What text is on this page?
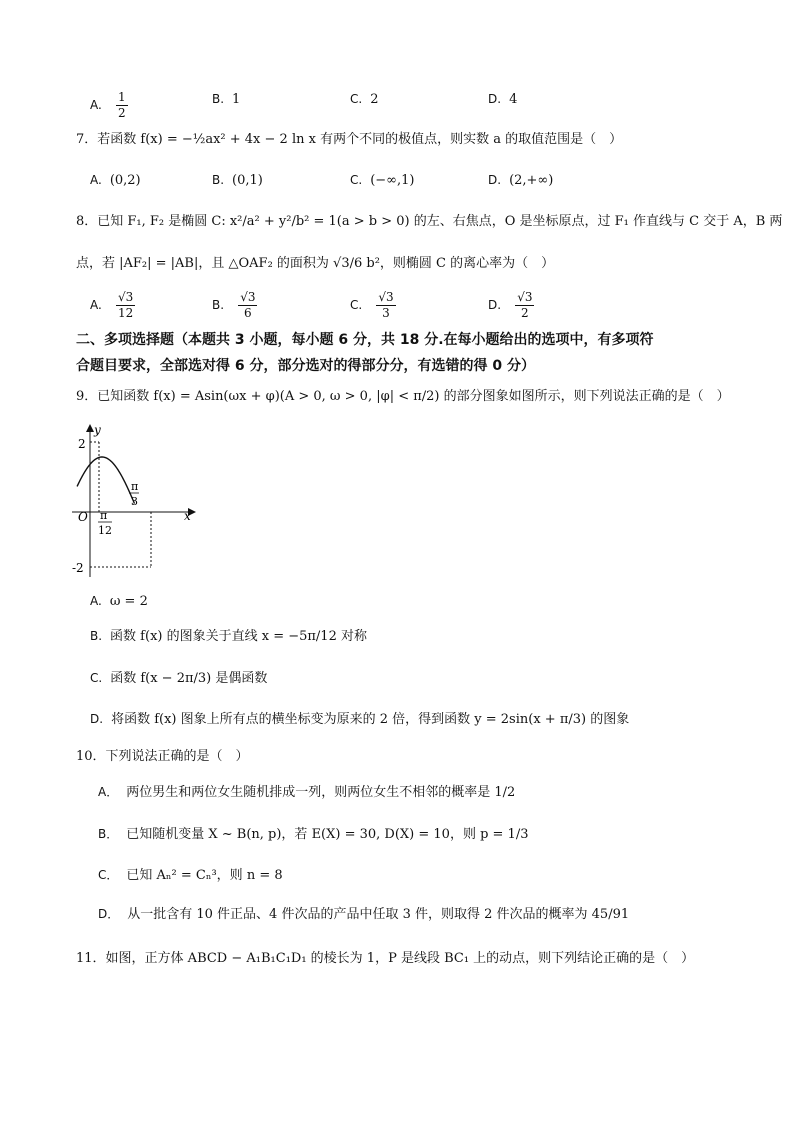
A. $\frac{1}{2}$	B. 1	C. 2	D. 4
7．若函数 f(x) = −½ax² + 4x − 2 ln x 有两个不同的极值点，则实数 a 的取值范围是（　）
A. (0,2)	B. (0,1)	C. (−∞,1)	D. (2,+∞)
8．已知 F₁, F₂ 是椭圆 C: x²/a² + y²/b² = 1(a > b > 0) 的左、右焦点，O 是坐标原点，过 F₁ 作直线与 C 交于 A，B 两
点，若 |AF₂| = |AB|，且 △OAF₂ 的面积为 √3/6 b²，则椭圆 C 的离心率为（　）
A. $\frac{√3}{12}$	B. $\frac{√3}{6}$	C. $\frac{√3}{3}$	D. $\frac{√3}{2}$
二、多项选择题（本题共 3 小题，每小题 6 分，共 18 分.在每小题给出的选项中，有多项符
合题目要求，全部选对得 6 分，部分选对的得部分分，有选错的得 0 分）
9．已知函数 f(x) = Asin(ωx + φ)(A > 0, ω > 0, |φ| < π/2) 的部分图象如图所示，则下列说法正确的是（　）
y
x
O
2
-2
π
12
π
3
A. ω = 2
B. 函数 f(x) 的图象关于直线 x = −5π/12 对称
C. 函数 f(x − 2π/3) 是偶函数
D. 将函数 f(x) 图象上所有点的横坐标变为原来的 2 倍，得到函数 y = 2sin(x + π/3) 的图象
10．下列说法正确的是（　）
A． 两位男生和两位女生随机排成一列，则两位女生不相邻的概率是 1/2
B． 已知随机变量 X ~ B(n, p)，若 E(X) = 30, D(X) = 10，则 p = 1/3
C． 已知 Aₙ² = Cₙ³，则 n = 8
D． 从一批含有 10 件正品、4 件次品的产品中任取 3 件，则取得 2 件次品的概率为 45/91
11．如图，正方体 ABCD − A₁B₁C₁D₁ 的棱长为 1，P 是线段 BC₁ 上的动点，则下列结论正确的是（　）
